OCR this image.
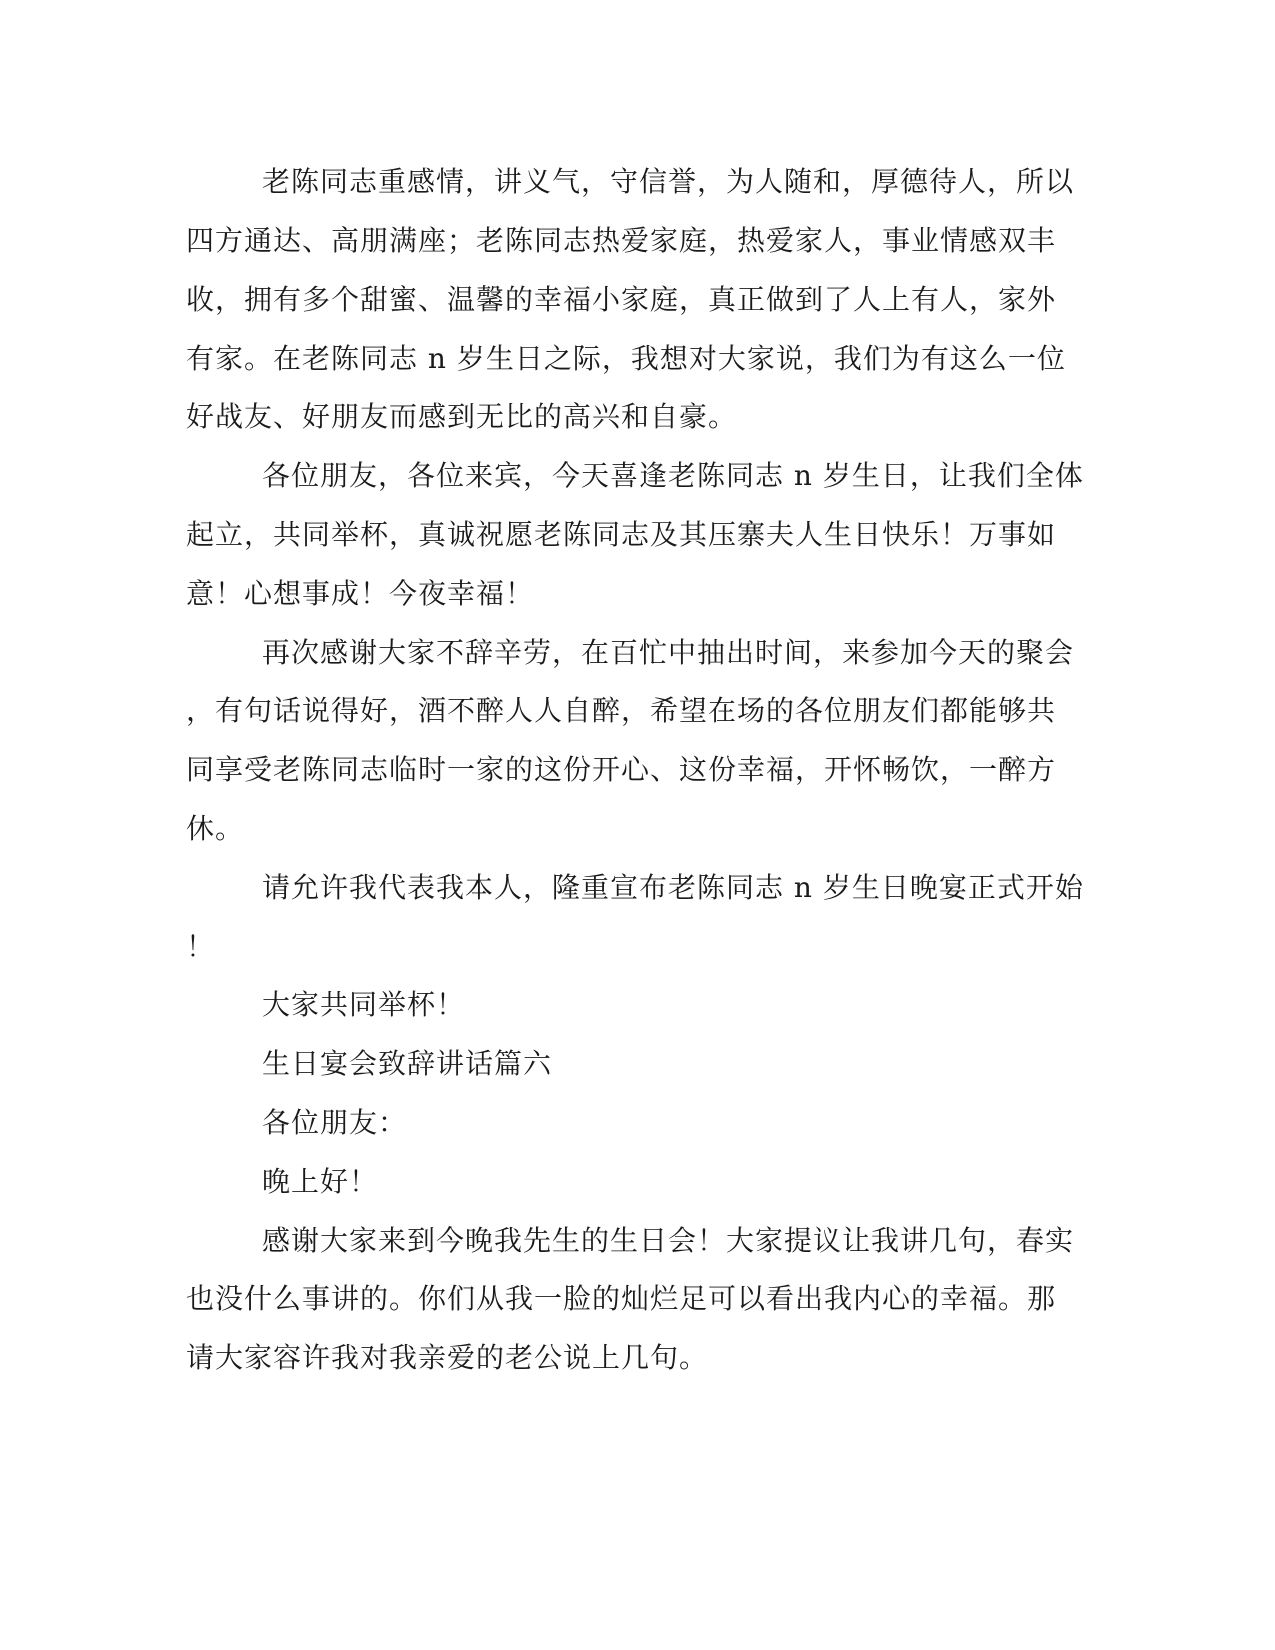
老陈同志重感情，讲义气，守信誉，为人随和，厚德待人，所以
四方通达、高朋满座；老陈同志热爱家庭，热爱家人，事业情感双丰
收，拥有多个甜蜜、温馨的幸福小家庭，真正做到了人上有人，家外
有家。在老陈同志 n 岁生日之际，我想对大家说，我们为有这么一位
好战友、好朋友而感到无比的高兴和自豪。
各位朋友，各位来宾，今天喜逢老陈同志 n 岁生日，让我们全体
起立，共同举杯，真诚祝愿老陈同志及其压寨夫人生日快乐！万事如
意！心想事成！今夜幸福！
再次感谢大家不辞辛劳，在百忙中抽出时间，来参加今天的聚会
，有句话说得好，酒不醉人人自醉，希望在场的各位朋友们都能够共
同享受老陈同志临时一家的这份开心、这份幸福，开怀畅饮，一醉方
休。
请允许我代表我本人，隆重宣布老陈同志 n 岁生日晚宴正式开始
！
大家共同举杯！
生日宴会致辞讲话篇六
各位朋友：
晚上好！
感谢大家来到今晚我先生的生日会！大家提议让我讲几句，春实
也没什么事讲的。你们从我一脸的灿烂足可以看出我内心的幸福。那
请大家容许我对我亲爱的老公说上几句。
